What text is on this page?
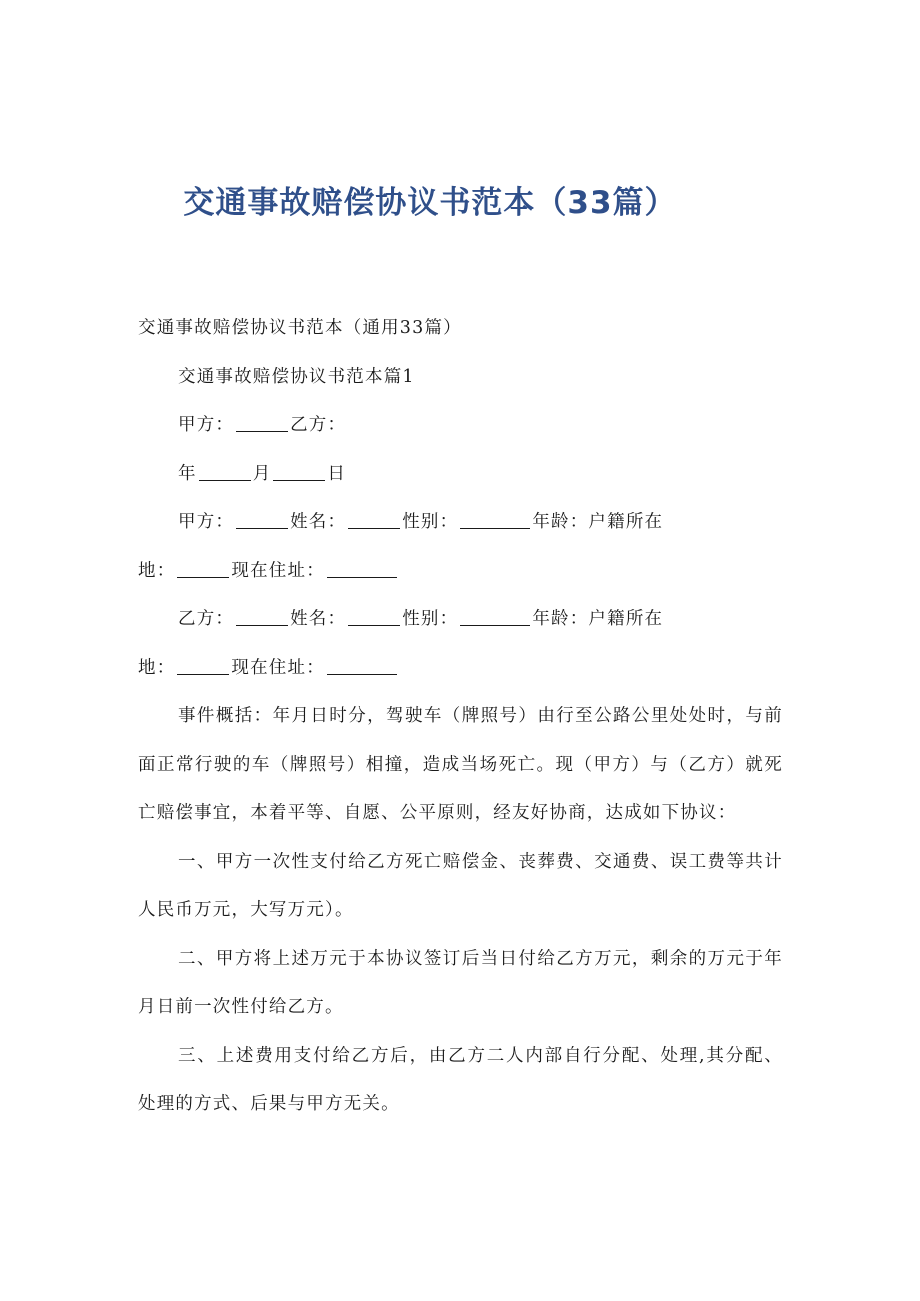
交通事故赔偿协议书范本（33篇）

交通事故赔偿协议书范本（通用33篇）

交通事故赔偿协议书范本篇1

甲方：	乙方：

年	月	日

甲方：	姓名：	性别：	年龄：户籍所在

地：	现在住址：

乙方：	姓名：	性别：	年龄：户籍所在

地：	现在住址：

事件概括：年月日时分，驾驶车（牌照号）由行至公路公里处处时，与前面正常行驶的车（牌照号）相撞，造成当场死亡。现（甲方）与（乙方）就死亡赔偿事宜，本着平等、自愿、公平原则，经友好协商，达成如下协议：

一、甲方一次性支付给乙方死亡赔偿金、丧葬费、交通费、误工费等共计人民币万元，大写万元）。

二、甲方将上述万元于本协议签订后当日付给乙方万元，剩余的万元于年月日前一次性付给乙方。

三、上述费用支付给乙方后，由乙方二人内部自行分配、处理,其分配、处理的方式、后果与甲方无关。
